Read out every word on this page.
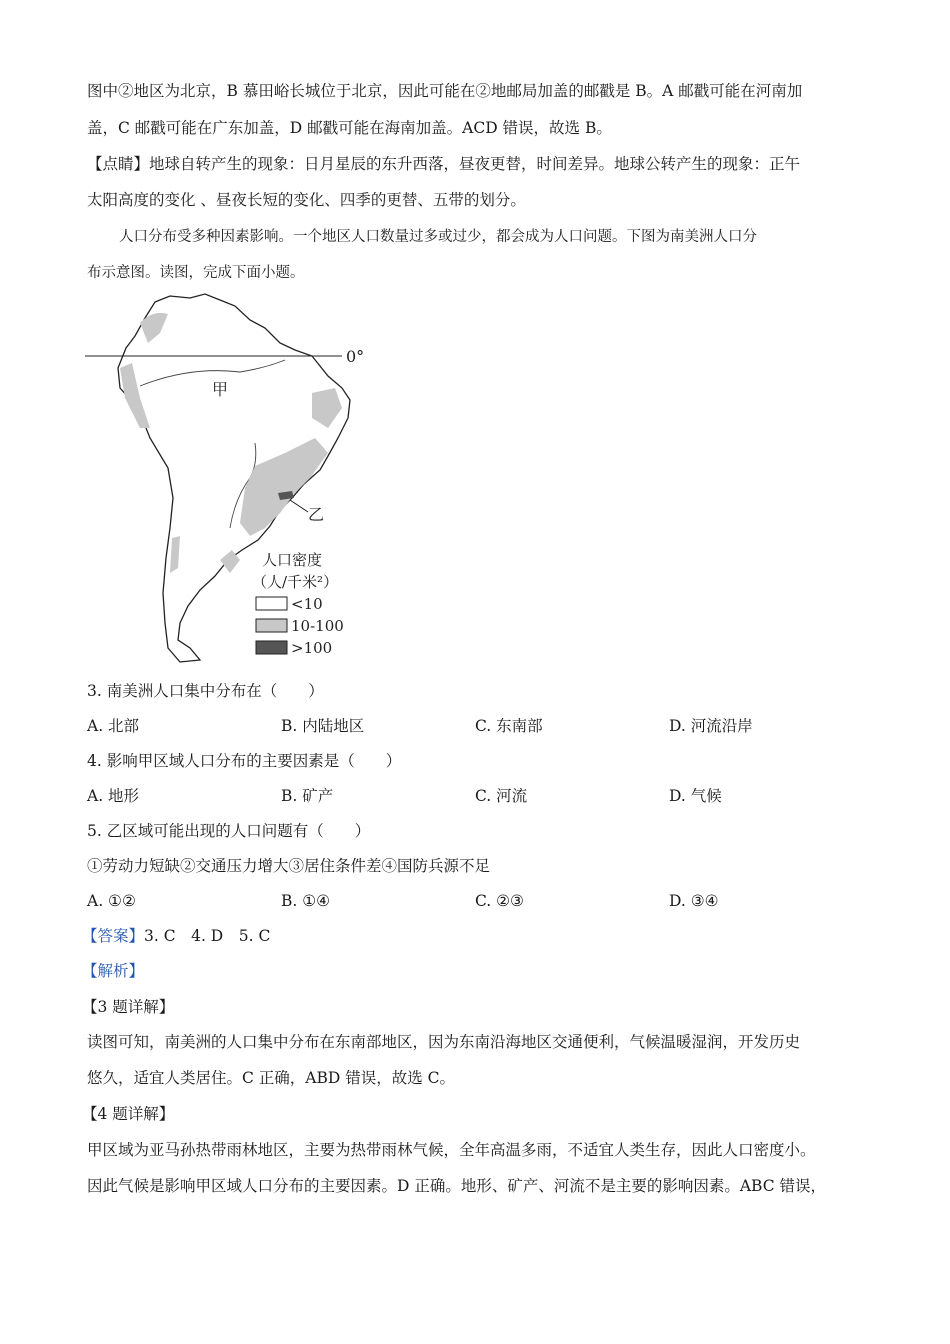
图中②地区为北京，B 慕田峪长城位于北京，因此可能在②地邮局加盖的邮戳是 B。A 邮戳可能在河南加
盖，C 邮戳可能在广东加盖，D 邮戳可能在海南加盖。ACD 错误，故选 B。
【点睛】地球自转产生的现象：日月星辰的东升西落，昼夜更替，时间差异。地球公转产生的现象：正午
太阳高度的变化 、昼夜长短的变化、四季的更替、五带的划分。
人口分布受多种因素影响。一个地区人口数量过多或过少，都会成为人口问题。下图为南美洲人口分
布示意图。读图，完成下面小题。
0°
甲
乙
人口密度
（人/千米²）
<10
10-100
>100
3. 南美洲人口集中分布在（　　）
A. 北部	B. 内陆地区	C. 东南部	D. 河流沿岸
4. 影响甲区域人口分布的主要因素是（　　）
A. 地形	B. 矿产	C. 河流	D. 气候
5. 乙区域可能出现的人口问题有（　　）
①劳动力短缺②交通压力增大③居住条件差④国防兵源不足
A. ①②	B. ①④	C. ②③	D. ③④
【答案】3. C　4. D　5. C
【解析】
【3 题详解】
读图可知，南美洲的人口集中分布在东南部地区，因为东南沿海地区交通便利，气候温暖湿润，开发历史
悠久，适宜人类居住。C 正确，ABD 错误，故选 C。
【4 题详解】
甲区域为亚马孙热带雨林地区，主要为热带雨林气候，全年高温多雨，不适宜人类生存，因此人口密度小。
因此气候是影响甲区域人口分布的主要因素。D 正确。地形、矿产、河流不是主要的影响因素。ABC 错误，
